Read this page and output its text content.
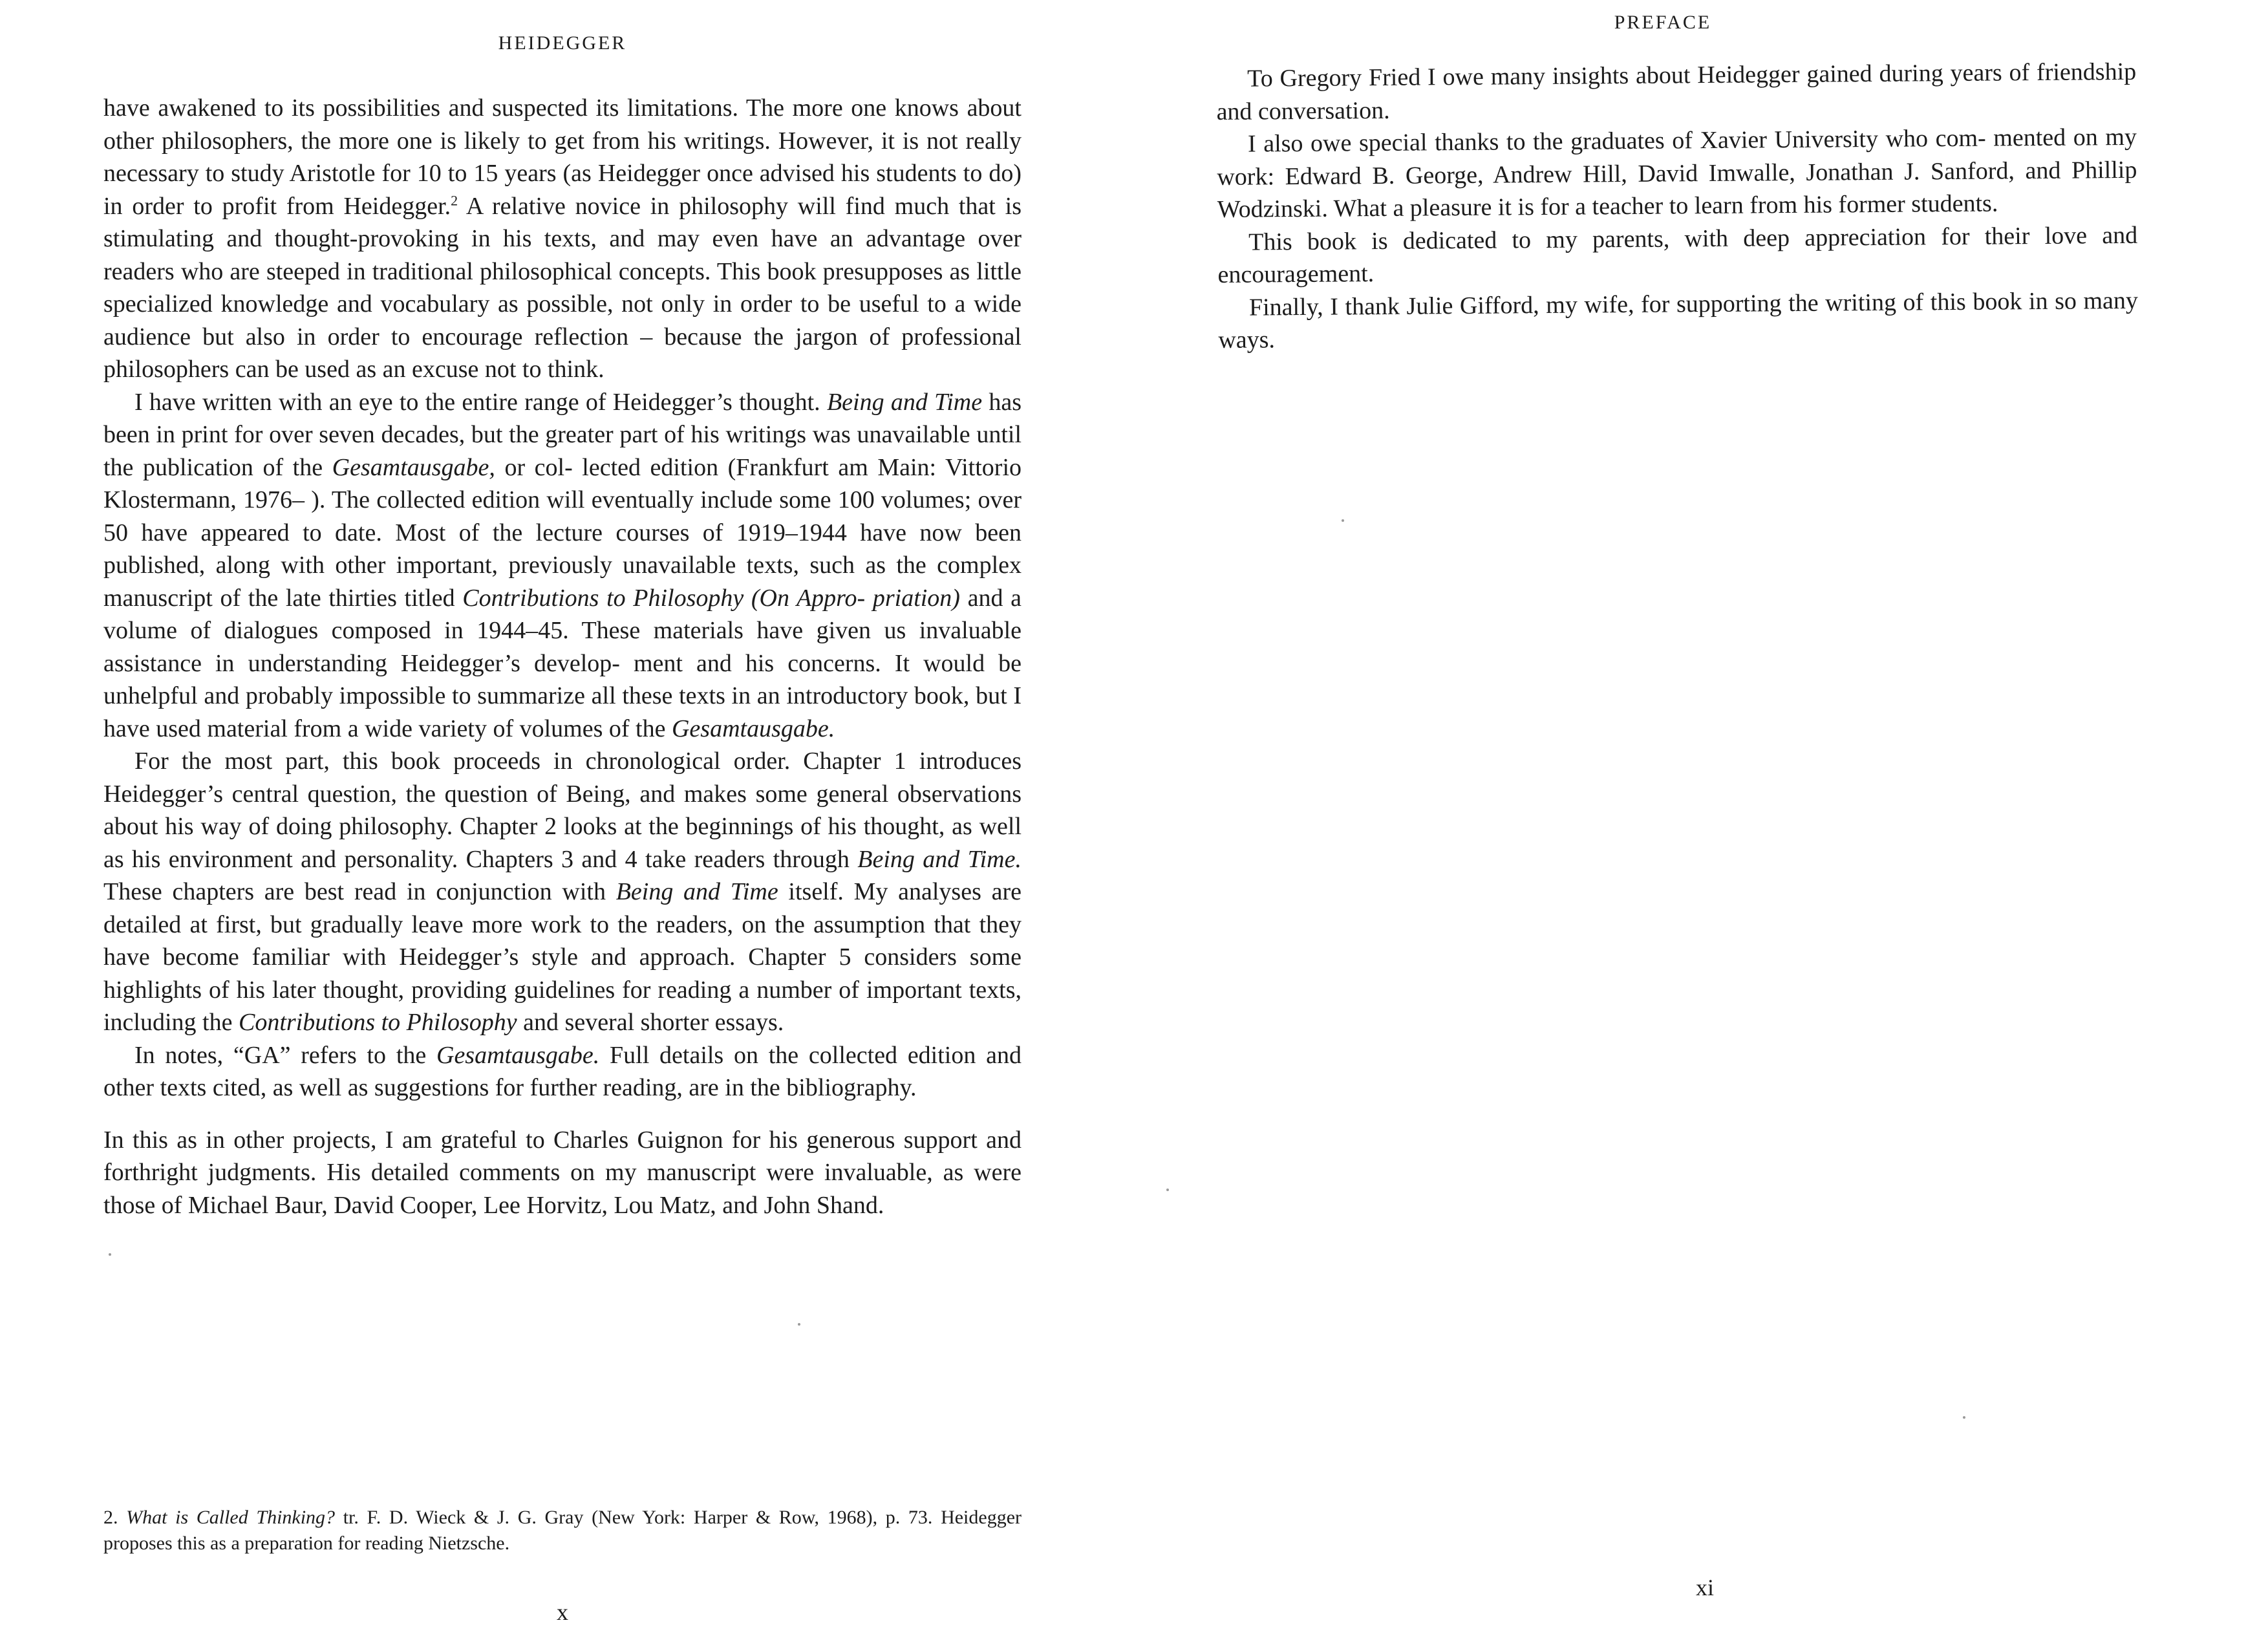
HEIDEGGER

have awakened to its possibilities and suspected its limitations. The more one knows about other philosophers, the more one is likely to get from his writings. However, it is not really necessary to study Aristotle for 10 to 15 years (as Heidegger once advised his students to do) in order to profit from Heidegger.$^2$ A relative novice in philosophy will find much that is stimulating and thought-provoking in his texts, and may even have an advantage over readers who are steeped in traditional philosophical concepts. This book presupposes as little specialized knowledge and vocabulary as possible, not only in order to be useful to a wide audience but also in order to encourage reflection – because the jargon of professional philosophers can be used as an excuse not to think.

I have written with an eye to the entire range of Heidegger’s thought. Being and Time has been in print for over seven decades, but the greater part of his writings was unavailable until the publication of the Gesamtausgabe, or col- lected edition (Frankfurt am Main: Vittorio Klostermann, 1976– ). The collected edition will eventually include some 100 volumes; over 50 have appeared to date. Most of the lecture courses of 1919–1944 have now been published, along with other important, previously unavailable texts, such as the complex manuscript of the late thirties titled Contributions to Philosophy (On Appro- priation) and a volume of dialogues composed in 1944–45. These materials have given us invaluable assistance in understanding Heidegger’s develop- ment and his concerns. It would be unhelpful and probably impossible to summarize all these texts in an introductory book, but I have used material from a wide variety of volumes of the Gesamtausgabe.

For the most part, this book proceeds in chronological order. Chapter 1 introduces Heidegger’s central question, the question of Being, and makes some general observations about his way of doing philosophy. Chapter 2 looks at the beginnings of his thought, as well as his environment and personality. Chapters 3 and 4 take readers through Being and Time. These chapters are best read in conjunction with Being and Time itself. My analyses are detailed at first, but gradually leave more work to the readers, on the assumption that they have become familiar with Heidegger’s style and approach. Chapter 5 considers some highlights of his later thought, providing guidelines for reading a number of important texts, including the Contributions to Philosophy and several shorter essays.

In notes, “GA” refers to the Gesamtausgabe. Full details on the collected edition and other texts cited, as well as suggestions for further reading, are in the bibliography.

In this as in other projects, I am grateful to Charles Guignon for his generous support and forthright judgments. His detailed comments on my manuscript were invaluable, as were those of Michael Baur, David Cooper, Lee Horvitz, Lou Matz, and John Shand.

2. What is Called Thinking? tr. F. D. Wieck & J. G. Gray (New York: Harper & Row, 1968), p. 73. Heidegger proposes this as a preparation for reading Nietzsche.

x
PREFACE

To Gregory Fried I owe many insights about Heidegger gained during years of friendship and conversation.

I also owe special thanks to the graduates of Xavier University who com- mented on my work: Edward B. George, Andrew Hill, David Imwalle, Jonathan J. Sanford, and Phillip Wodzinski. What a pleasure it is for a teacher to learn from his former students.

This book is dedicated to my parents, with deep appreciation for their love and encouragement.

Finally, I thank Julie Gifford, my wife, for supporting the writing of this book in so many ways.

xi
